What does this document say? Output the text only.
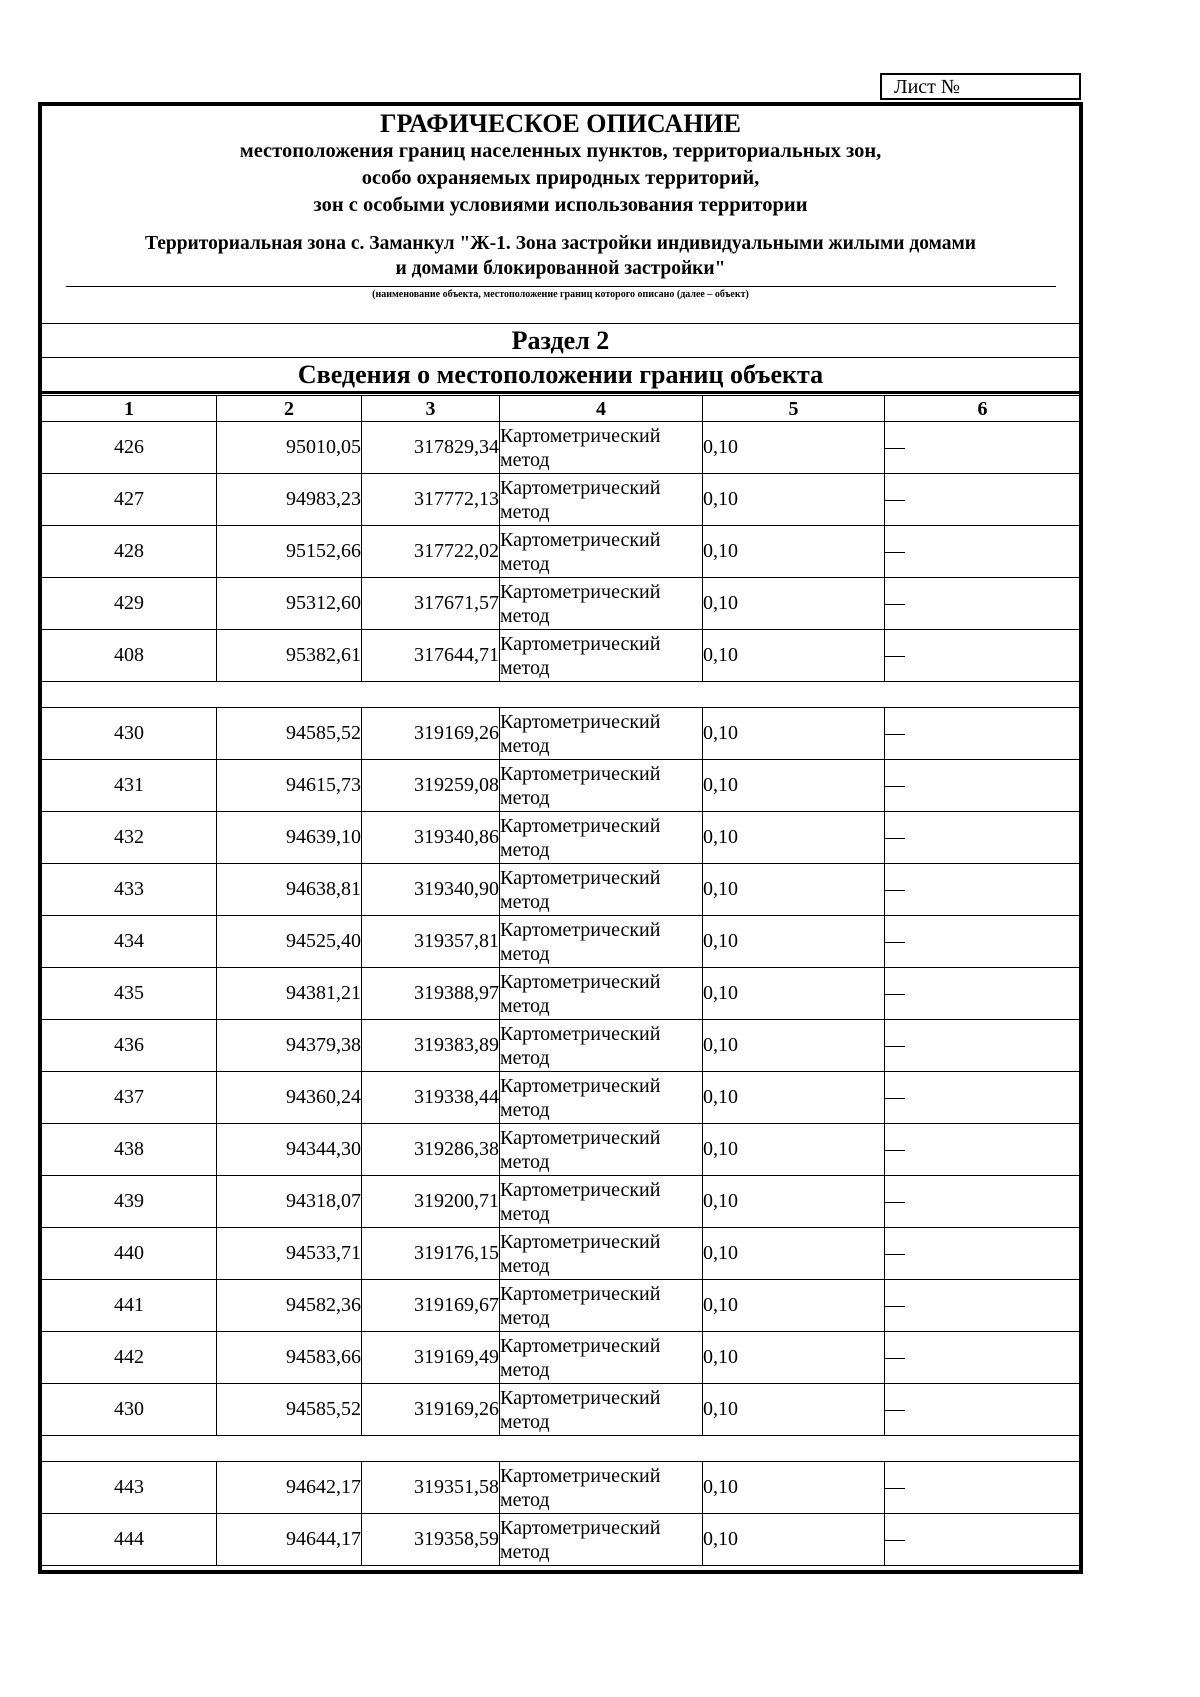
Лист №
ГРАФИЧЕСКОЕ ОПИСАНИЕ
местоположения границ населенных пунктов, территориальных зон,
особо охраняемых природных территорий,
зон с особыми условиями использования территории
Территориальная зона с. Заманкул "Ж-1. Зона застройки индивидуальными жилыми домами
и домами блокированной застройки"
(наименование объекта, местоположение границ которого описано (далее – объект)
Раздел 2
Сведения о местоположении границ объекта
1	2	3	4	5	6
426	95010,05	317829,34	Картометрический метод	0,10	—
427	94983,23	317772,13	Картометрический метод	0,10	—
428	95152,66	317722,02	Картометрический метод	0,10	—
429	95312,60	317671,57	Картометрический метод	0,10	—
408	95382,61	317644,71	Картометрический метод	0,10	—

430	94585,52	319169,26	Картометрический метод	0,10	—
431	94615,73	319259,08	Картометрический метод	0,10	—
432	94639,10	319340,86	Картометрический метод	0,10	—
433	94638,81	319340,90	Картометрический метод	0,10	—
434	94525,40	319357,81	Картометрический метод	0,10	—
435	94381,21	319388,97	Картометрический метод	0,10	—
436	94379,38	319383,89	Картометрический метод	0,10	—
437	94360,24	319338,44	Картометрический метод	0,10	—
438	94344,30	319286,38	Картометрический метод	0,10	—
439	94318,07	319200,71	Картометрический метод	0,10	—
440	94533,71	319176,15	Картометрический метод	0,10	—
441	94582,36	319169,67	Картометрический метод	0,10	—
442	94583,66	319169,49	Картометрический метод	0,10	—
430	94585,52	319169,26	Картометрический метод	0,10	—

443	94642,17	319351,58	Картометрический метод	0,10	—
444	94644,17	319358,59	Картометрический метод	0,10	—
